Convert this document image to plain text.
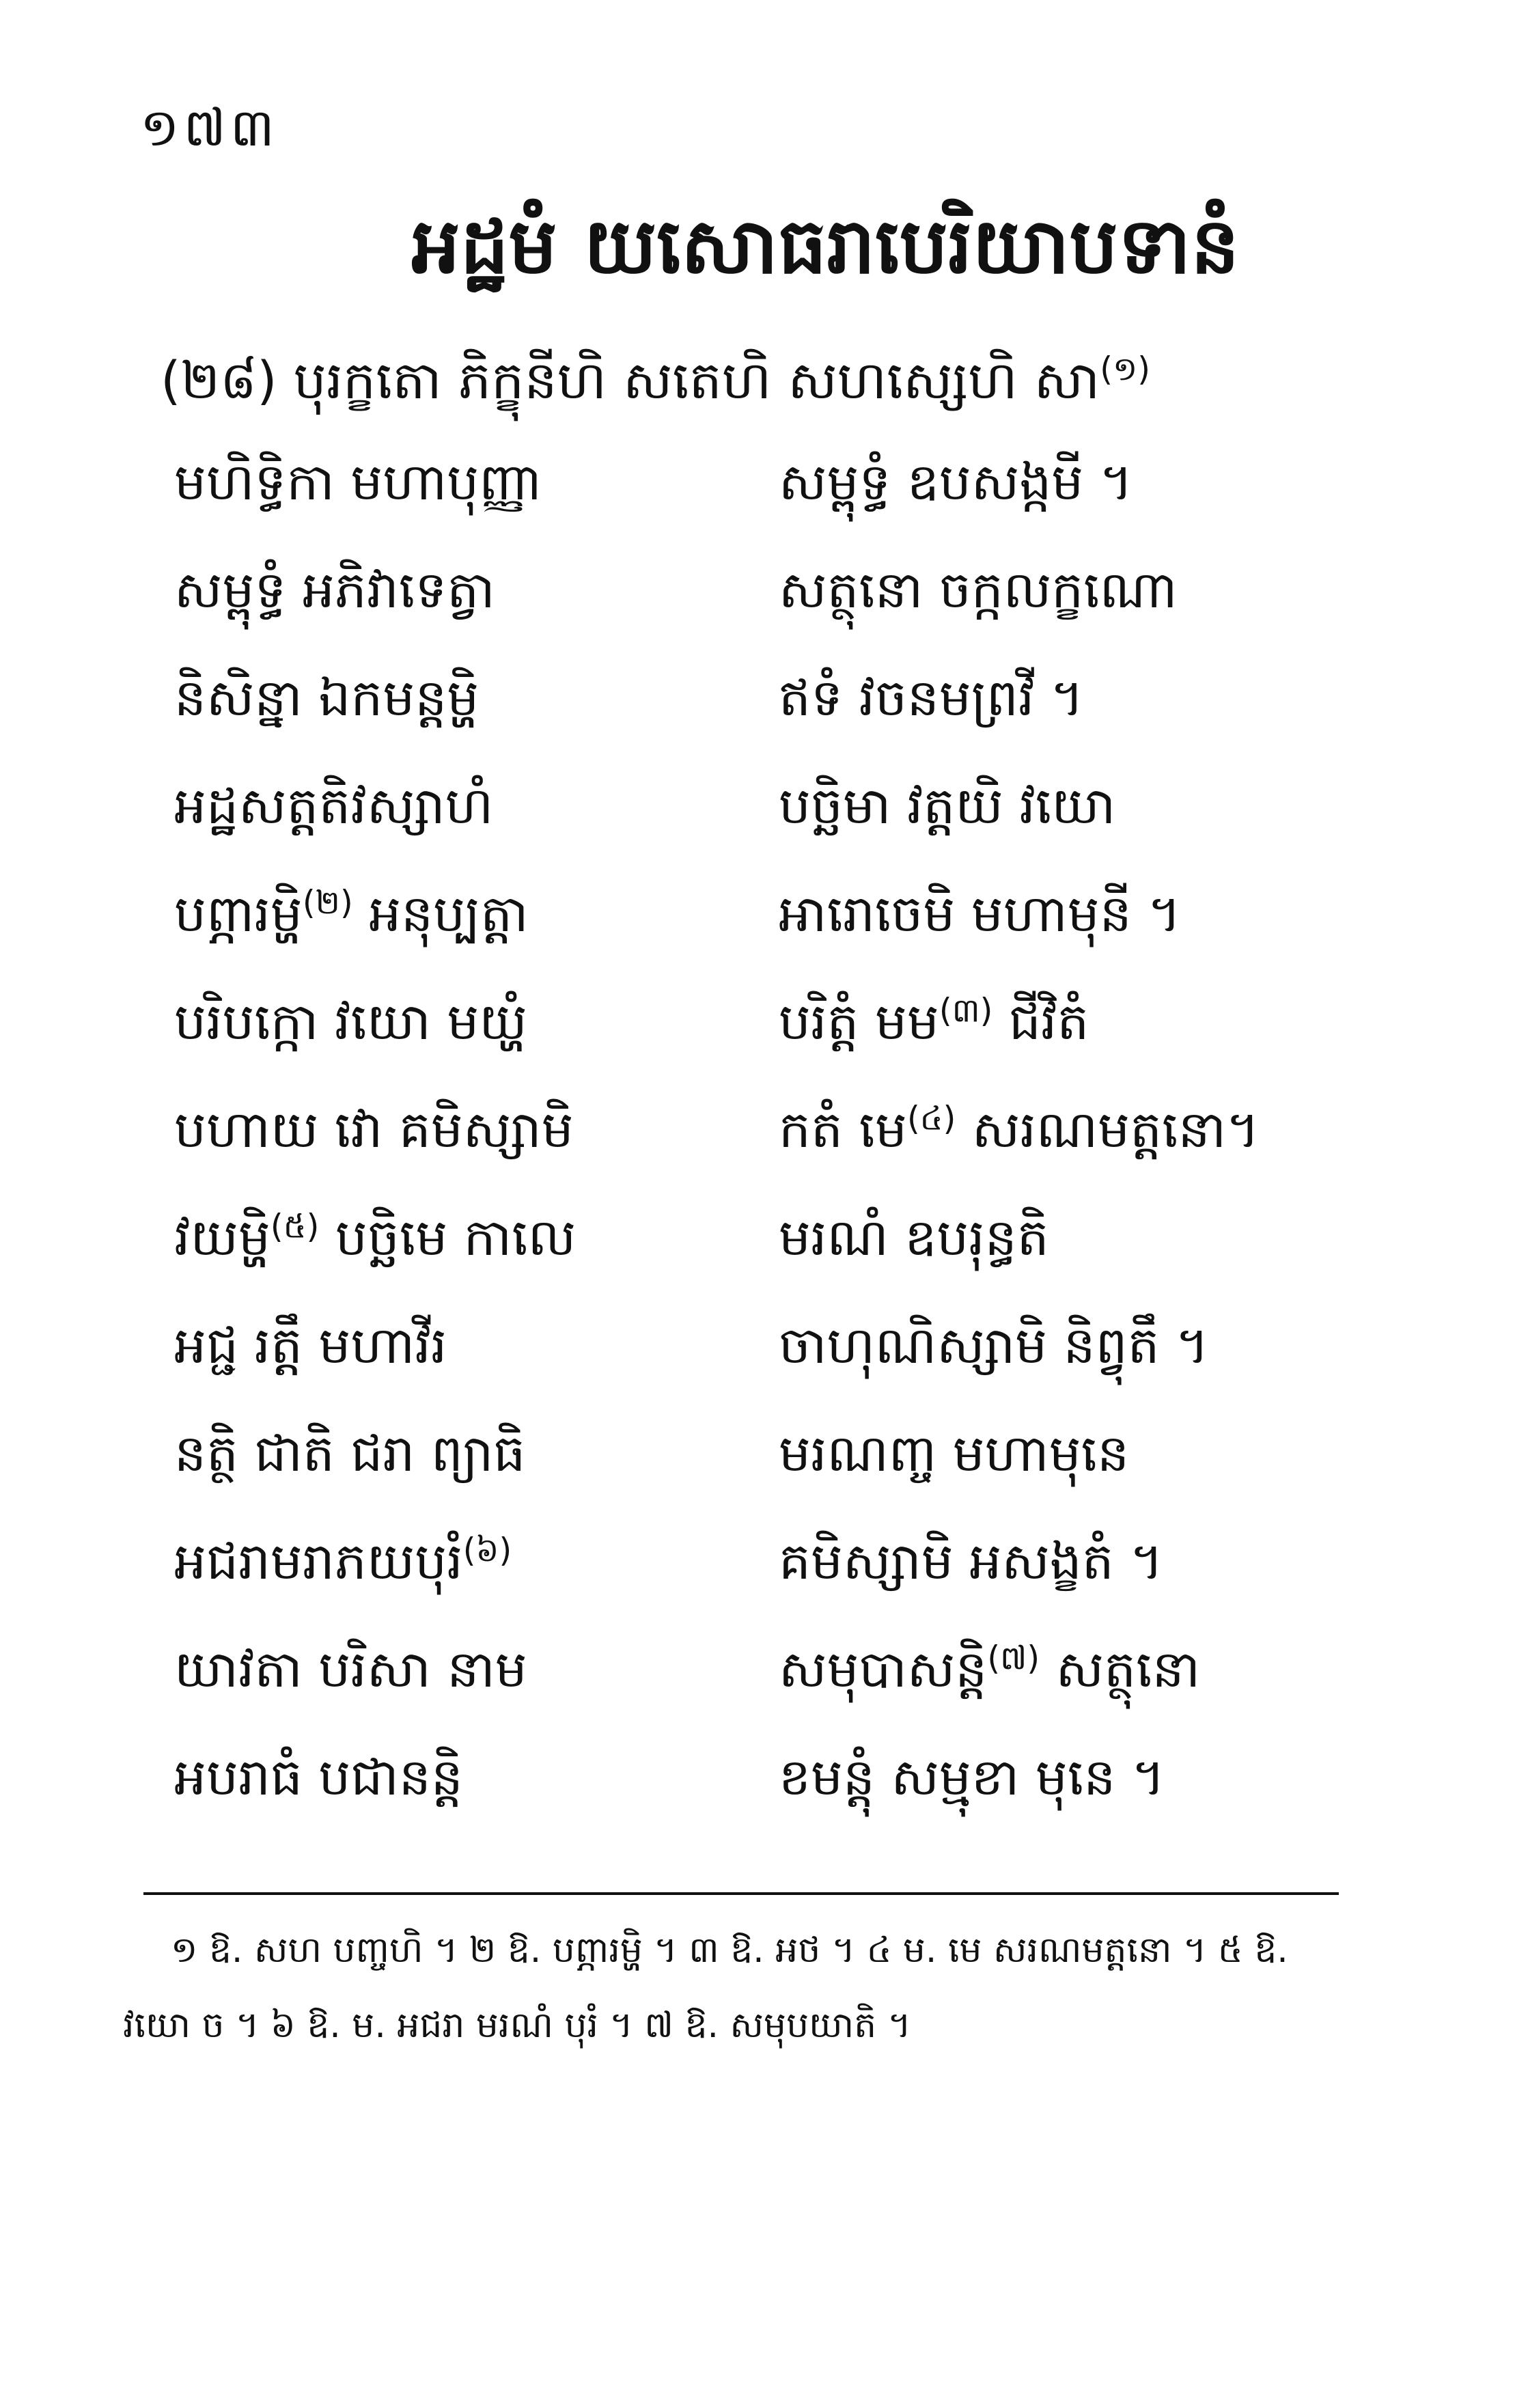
១៧៣
អដ្ឋមំ យសោធរាបេរិយាបទានំ
(២៨) បុរក្ខតោ ភិក្ខុនីហិ សតេហិ សហស្សេហិ សា$^{(១)}$
មហិទ្ធិកា មហាបុញ្ញា	សម្ពុទ្ធំ ឧបសង្កមី ។
សម្ពុទ្ធំ អភិវាទេត្វា	សត្ថុនោ ចក្កលក្ខណោ
និសិន្នា ឯកមន្តម្ហិ	ឥទំ វចនមព្រវី ។
អដ្ឋសត្តតិវស្សាហំ	បច្ឆិមា វត្តយិ វយោ
បព្ភារម្ហិ$^{(២)}$ អនុប្បត្តា	អារោចេមិ មហាមុនី ។
បរិបក្កោ វយោ មយ្ហំ	បរិត្តំ មម$^{(៣)}$ ជីវិតំ
បហាយ វោ គមិស្សាមិ	កតំ មេ$^{(៤)}$ សរណមត្តនោ។
វយម្ហិ$^{(៥)}$ បច្ឆិមេ កាលេ	មរណំ ឧបរុន្ធតិ
អជ្ជ រត្តឹ មហាវីរ	ចាហុណិស្សាមិ និព្វុតឹ ។
នត្ថិ ជាតិ ជរា ព្យាធិ	មរណញ្ច មហាមុនេ
អជរាមរាភយបុរំ$^{(៦)}$	គមិស្សាមិ អសង្ខតំ ។
យាវតា បរិសា នាម	សមុបាសន្តិ$^{(៧)}$ សត្ថុនោ
អបរាធំ បជានន្តិ	ខមន្តុំ សម្មុខា មុនេ ។
១ ឱ. សហ បញ្ចហិ ។ ២ ឱ. បព្ភារម្ហិ ។ ៣ ឱ. អថ ។ ៤ ម. មេ សរណមត្តនោ ។ ៥ ឱ.
វយោ ច ។ ៦ ឱ. ម. អជរា មរណំ បុរំ ។ ៧ ឱ. សមុបយាតិ ។
